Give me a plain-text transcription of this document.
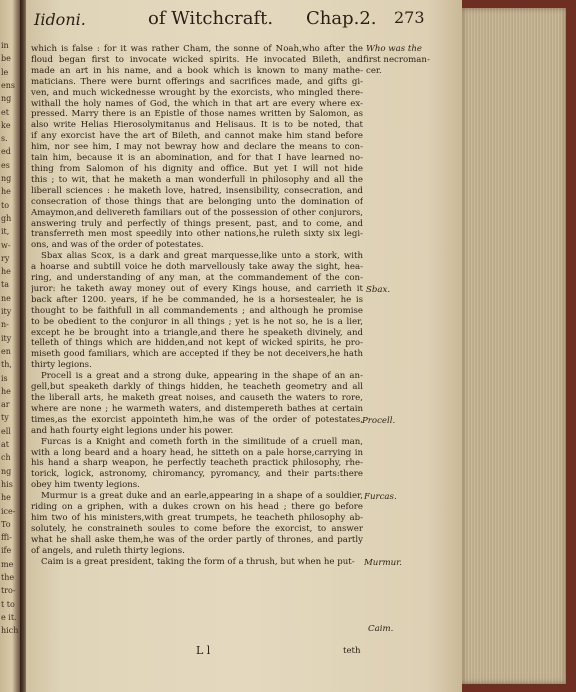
in
be
le
ens
ng
et
ke
s.
ed
es
ng
he
to
gh
it,
w-
ry
he
ta
ne
ity
n-
ity
en
th,
is
he
ar
ty
ell
at
ch
ng
his
he
ice-
To
ffi-
ife
me
the
tro-
t to
e it.
hich
Iidoni.	of Witchcraft. Chap.2. 273
which is false : for it was rather Cham, the sonne of Noah,who after the
floud began first to invocate wicked spirits. He invocated Bileth, and
made an art in his name, and a book which is known to many mathe-
maticians. There were burnt offerings and sacrifices made, and gifts gi-
ven, and much wickednesse wrought by the exorcists, who mingled there-
withall the holy names of God, the which in that art are every where ex-
pressed. Marry there is an Epistle of those names written by Salomon, as
also write Helias Hierosolymitanus and Helisaus. It is to be noted, that
if any exorcist have the art of Bileth, and cannot make him stand before
him, nor see him, I may not bewray how and declare the means to con-
tain him, because it is an abomination, and for that I have learned no-
thing from Salomon of his dignity and office. But yet I will not hide
this ; to wit, that he maketh a man wonderfull in philosophy and all the
liberall sciences : he maketh love, hatred, insensibility, consecration, and
consecration of those things that are belonging unto the domination of
Amaymon,and delivereth familiars out of the possession of other conjurors,
answering truly and perfectly of things present, past, and to come, and
transferreth men most speedily into other nations,he ruleth sixty six legi-
ons, and was of the order of potestates.
Sbax alias Scox, is a dark and great marquesse,like unto a stork, with
a hoarse and subtill voice he doth marvellously take away the sight, hea-
ring, and understanding of any man, at the commandement of the con-
juror: he taketh away money out of every Kings house, and carrieth it
back after 1200. years, if he be commanded, he is a horsestealer, he is
thought to be faithfull in all commandements ; and although he promise
to be obedient to the conjuror in all things ; yet is he not so, he is a lier,
except he be brought into a triangle,and there he speaketh divinely, and
telleth of things which are hidden,and not kept of wicked spirits, he pro-
miseth good familiars, which are accepted if they be not deceivers,he hath
thirty legions.
Procell is a great and a strong duke, appearing in the shape of an an-
gell,but speaketh darkly of things hidden, he teacheth geometry and all
the liberall arts, he maketh great noises, and causeth the waters to rore,
where are none ; he warmeth waters, and distempereth bathes at certain
times,as the exorcist appointeth him,he was of the order of potestates,
and hath fourty eight legions under his power.
Furcas is a Knight and cometh forth in the similitude of a cruell man,
with a long beard and a hoary head, he sitteth on a pale horse,carrying in
his hand a sharp weapon, he perfectly teacheth practick philosophy, rhe-
torick, logick, astronomy, chiromancy, pyromancy, and their parts:there
obey him twenty legions.
Murmur is a great duke and an earle,appearing in a shape of a souldier,
riding on a griphen, with a dukes crown on his head ; there go before
him two of his ministers,with great trumpets, he teacheth philosophy ab-
solutely, he constraineth soules to come before the exorcist, to answer
what he shall aske them,he was of the order partly of thrones, and partly
of angels, and ruleth thirty legions.
Caim is a great president, taking the form of a thrush, but when he put-
Who was the
first necroman-
cer.
Sbax.
Procell.
Furcas.
Murmur.
Caim.
L l	teth
